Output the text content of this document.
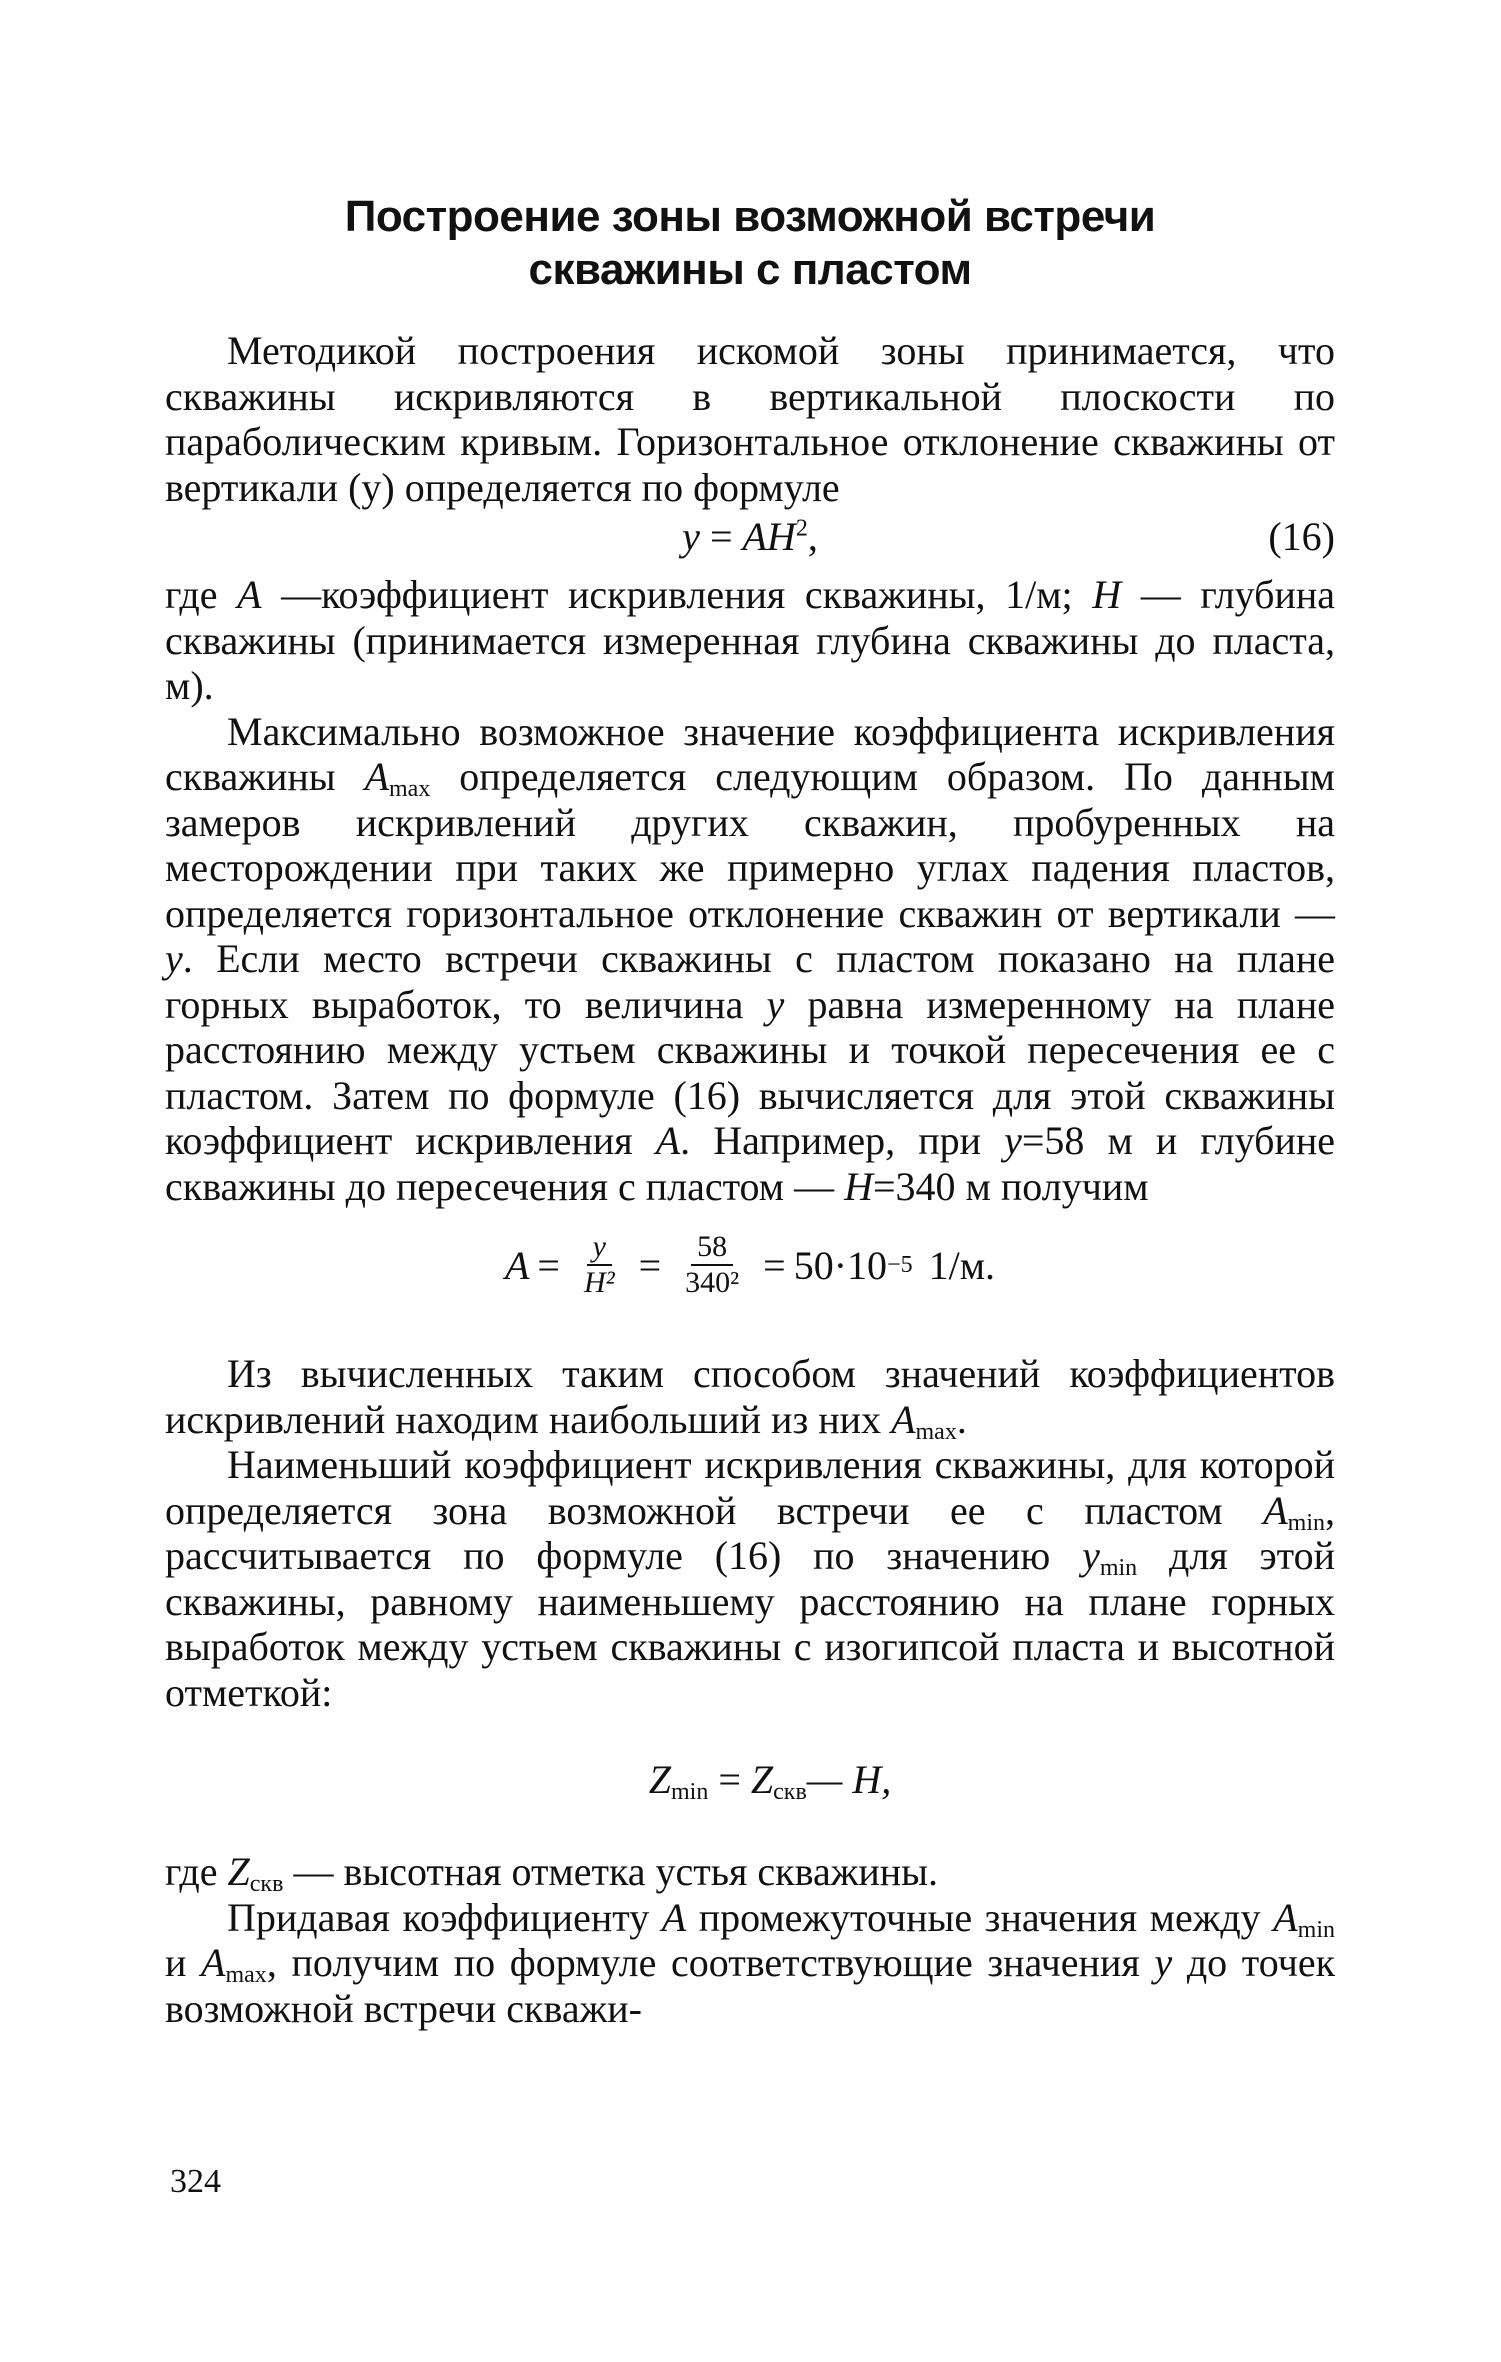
Построение зоны возможной встречи
скважины с пластом

Методикой построения искомой зоны принимается, что скважины искривляются в вертикальной плоскости по параболическим кривым. Горизонтальное отклонение скважины от вертикали (у) определяется по формуле

$у = AH^2$,	(16)

где A —коэффициент искривления скважины, 1/м; H — глубина скважины (принимается измеренная глубина скважины до пласта, м).

Максимально возможное значение коэффициента искривления скважины $A_{max}$ определяется следующим образом. По данным замеров искривлений других скважин, пробуренных на месторождении при таких же примерно углах падения пластов, определяется горизонтальное отклонение скважин от вертикали — у. Если место встречи скважины с пластом показано на плане горных выработок, то величина у равна измеренному на плане расстоянию между устьем скважины и точкой пересечения ее с пластом. Затем по формуле (16) вычисляется для этой скважины коэффициент искривления A. Например, при у=58 м и глубине скважины до пересечения с пластом — H=340 м получим

$A = \frac{у}{\text{H²}} = \frac{58}{\text{340²}} = 50\cdot 10 -5$ 1/м.

Из вычисленных таким способом значений коэффициентов искривлений находим наибольший из них $A_{max}$.

Наименьший коэффициент искривления скважины, для которой определяется зона возможной встречи ее с пластом $A_{min}$, рассчитывается по формуле (16) по значению $у_{min}$ для этой скважины, равному наименьшему расстоянию на плане горных выработок между устьем скважины с изогипсой пласта и высотной отметкой:

$Z_{min}$ = $Z_{скв}—$ H,

где $Z_{скв}$ — высотная отметка устья скважины.

Придавая коэффициенту A промежуточные значения между $A_{min}$ и $A_{max}$, получим по формуле соответствующие значения у до точек возможной встречи скважи-

324
